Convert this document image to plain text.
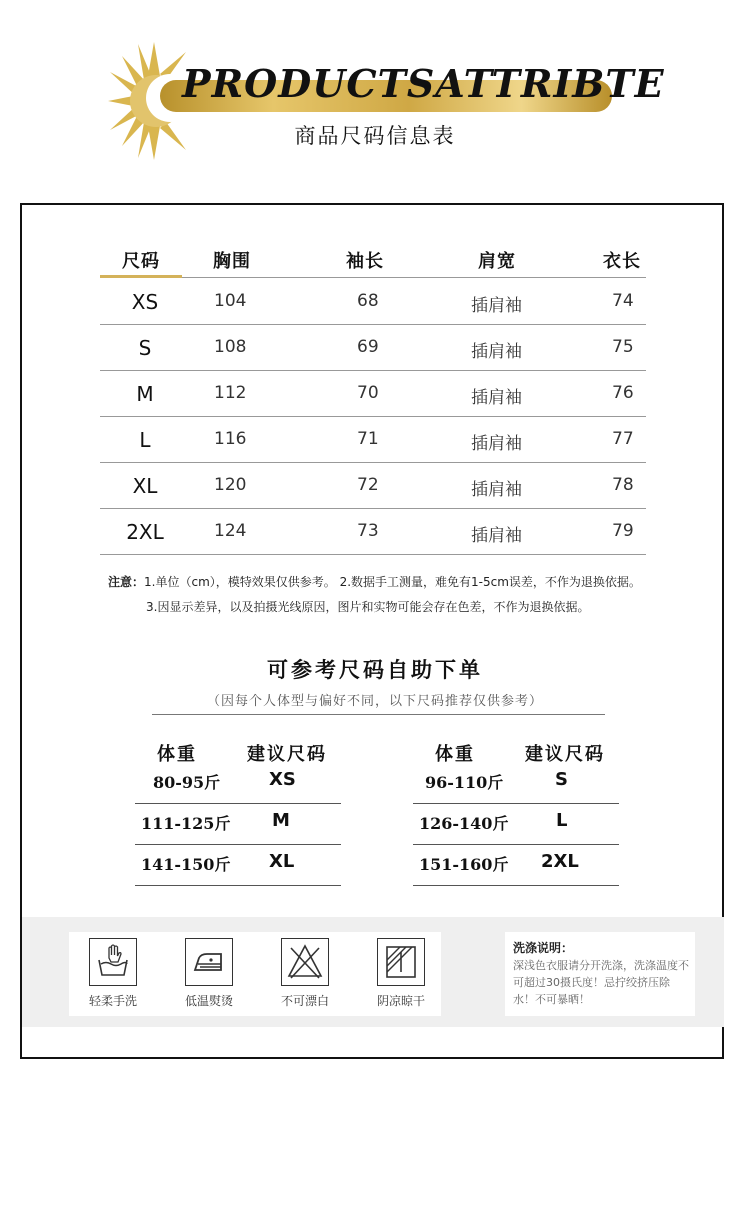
PRODUCTSATTRIBTE
商品尺码信息表
尺码	胸围	袖长	肩宽	衣长
XS	104	68	插肩袖	74
S	108	69	插肩袖	75
M	112	70	插肩袖	76
L	116	71	插肩袖	77
XL	120	72	插肩袖	78
2XL	124	73	插肩袖	79
注意：1.单位（cm），模特效果仅供参考。 2.数据手工测量，难免有1-5cm误差，不作为退换依据。
3.因显示差异，以及拍摄光线原因，图片和实物可能会存在色差，不作为退换依据。
可参考尺码自助下单
（因每个人体型与偏好不同，以下尺码推荐仅供参考）
体重	建议尺码
80-95斤	XS
111-125斤 M
141-150斤 XL
体重	建议尺码
96-110斤	S
126-140斤	L
151-160斤 2XL
轻柔手洗	低温熨烫	不可漂白	阴凉晾干
洗涤说明：
深浅色衣服请分开洗涤，洗涤温度不可超过30摄氏度！忌拧绞挤压除水！不可暴晒！
